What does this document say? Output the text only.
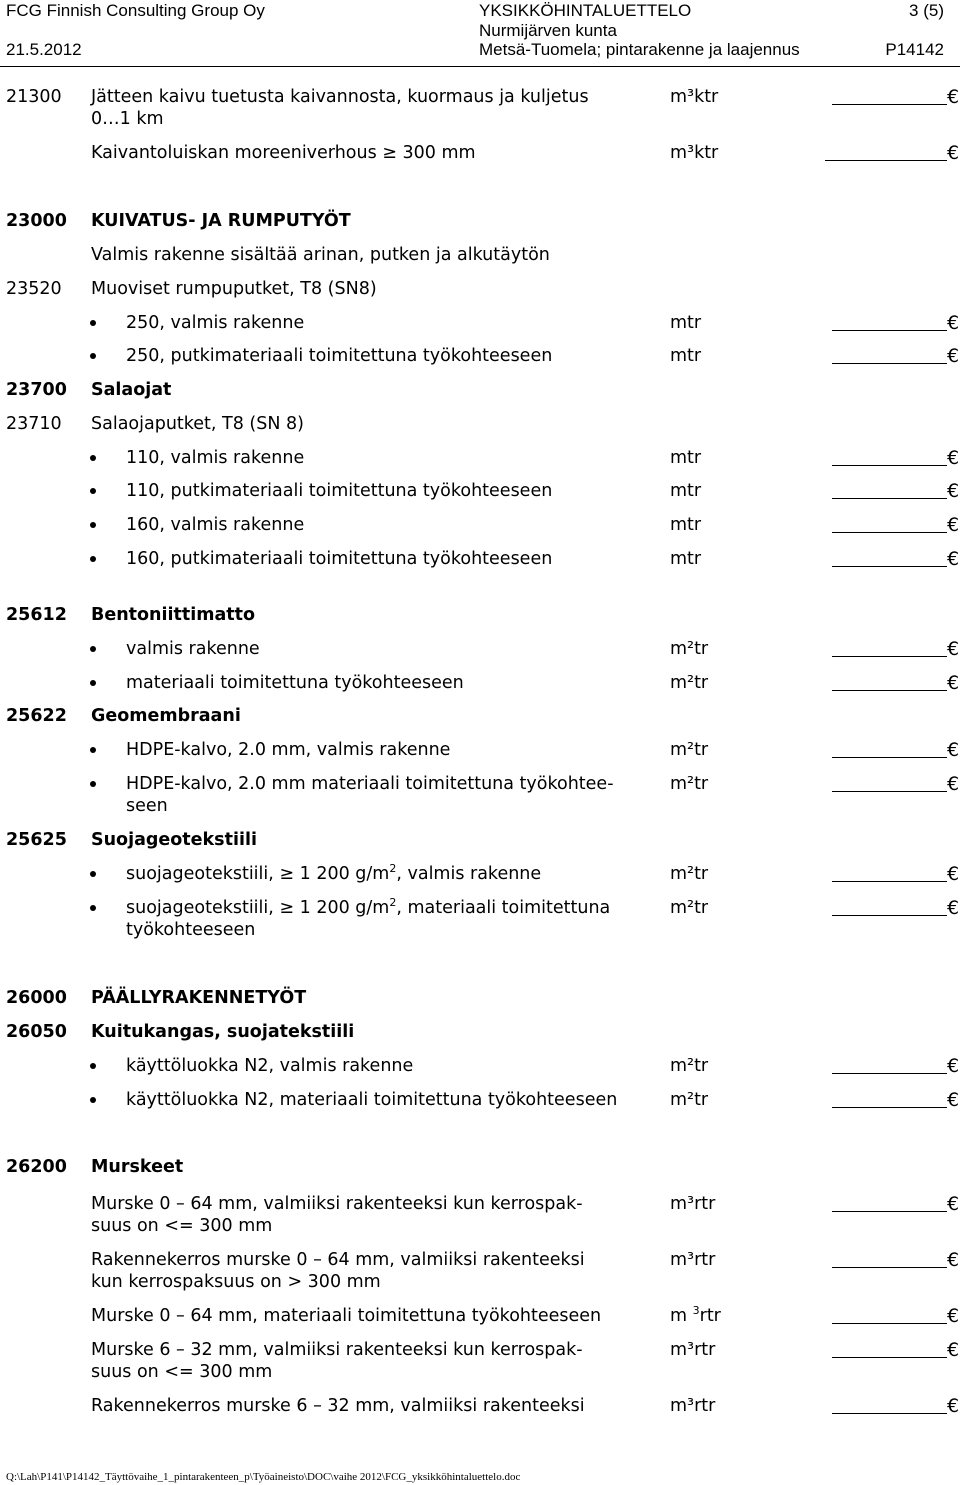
FCG Finnish Consulting Group Oy
21.5.2012
YKSIKKÖHINTALUETTELO
Nurmijärven kunta
Metsä-Tuomela; pintarakenne ja laajennus
3 (5)
P14142
21300 Jätteen kaivu tuetusta kaivannosta, kuormaus ja kuljetus
0…1 km
m³ktr	€
Kaivantoluiskan moreeniverhous ≥ 300 mm	m³ktr	€
23000 KUIVATUS- JA RUMPUTYÖT
Valmis rakenne sisältää arinan, putken ja alkutäytön
23520 Muoviset rumpuputket, T8 (SN8)
250, valmis rakenne	mtr	€
250, putkimateriaali toimitettuna työkohteeseen	mtr	€
23700 Salaojat
23710 Salaojaputket, T8 (SN 8)
110, valmis rakenne	mtr	€
110, putkimateriaali toimitettuna työkohteeseen	mtr	€
160, valmis rakenne	mtr	€
160, putkimateriaali toimitettuna työkohteeseen	mtr	€
25612 Bentoniittimatto
valmis rakenne	m²tr	€
materiaali toimitettuna työkohteeseen	m²tr	€
25622 Geomembraani
HDPE-kalvo, 2.0 mm, valmis rakenne	m²tr	€
HDPE-kalvo, 2.0 mm materiaali toimitettuna työkohtee-
seen
m²tr	€
25625 Suojageotekstiili
suojageotekstiili, ≥ 1 200 $g/m^2$, valmis rakenne	m²tr	€
suojageotekstiili, ≥ 1 200 $g/m^2$, materiaali toimitettuna
työkohteeseen
m²tr	€
26000 PÄÄLLYRAKENNETYÖT
26050 Kuitukangas, suojatekstiili
käyttöluokka N2, valmis rakenne	m²tr	€
käyttöluokka N2, materiaali toimitettuna työkohteeseen	m²tr	€
26200 Murskeet
Murske 0 – 64 mm, valmiiksi rakenteeksi kun kerrospak-
suus on <= 300 mm
m³rtr	€
Rakennekerros murske 0 – 64 mm, valmiiksi rakenteeksi
kun kerrospaksuus on > 300 mm
m³rtr	€
Murske 0 – 64 mm, materiaali toimitettuna työkohteeseen	m $^3$rtr	€
Murske 6 – 32 mm, valmiiksi rakenteeksi kun kerrospak-
suus on <= 300 mm
m³rtr	€
Rakennekerros murske 6 – 32 mm, valmiiksi rakenteeksi	m³rtr	€
Q:\Lah\P141\P14142_Täyttövaihe_1_pintarakenteen_p\Työaineisto\DOC\vaihe 2012\FCG_yksikköhintaluettelo.doc
